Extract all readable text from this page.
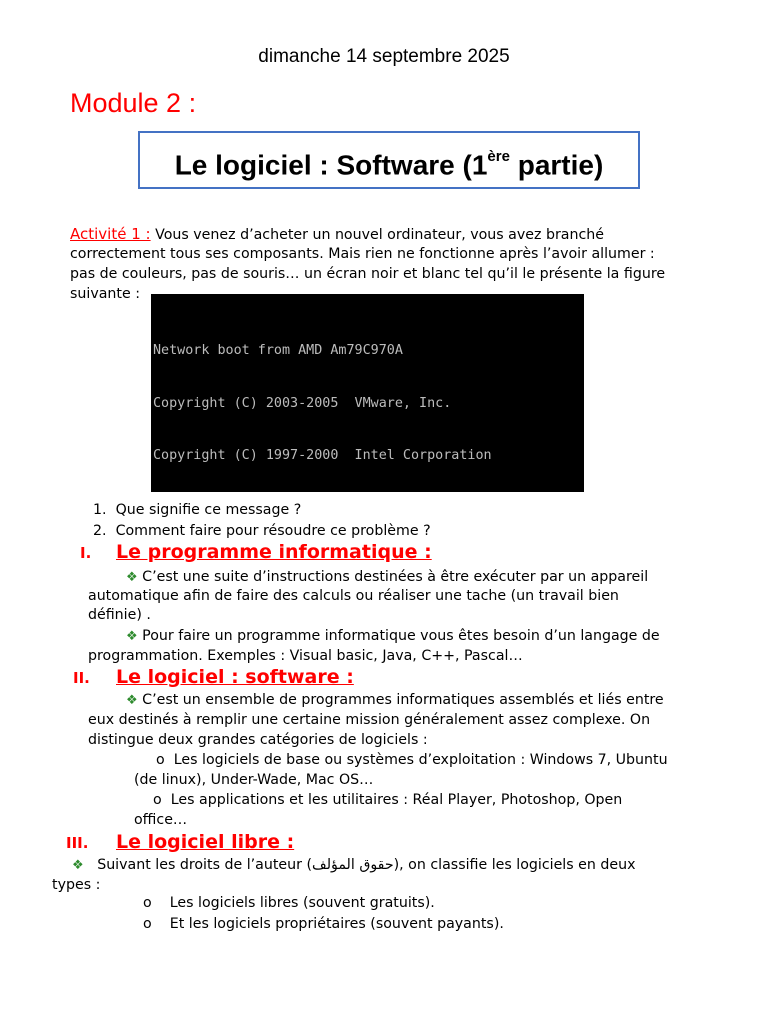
dimanche 14 septembre 2025
Module 2 :
Le logiciel : Software (1ère partie)
Activité 1 : Vous venez d’acheter un nouvel ordinateur, vous avez branché
correctement tous ses composants. Mais rien ne fonctionne après l’avoir allumer :
pas de couleurs, pas de souris… un écran noir et blanc tel qu’il le présente la figure
suivante :

Network boot from AMD Am79C970A

Copyright (C) 2003-2005  VMware, Inc.

Copyright (C) 1997-2000  Intel Corporation

1. Que signifie ce message ?
2. Comment faire pour résoudre ce problème ?
I. Le programme informatique :
❖ C’est une suite d’instructions destinées à être exécuter par un appareil
automatique afin de faire des calculs ou réaliser une tache (un travail bien
définie) .
❖ Pour faire un programme informatique vous êtes besoin d’un langage de
programmation. Exemples : Visual basic, Java, C++, Pascal…
II. Le logiciel : software :
❖ C’est un ensemble de programmes informatiques assemblés et liés entre
eux destinés à remplir une certaine mission généralement assez complexe. On
distingue deux grandes catégories de logiciels :
o Les logiciels de base ou systèmes d’exploitation : Windows 7, Ubuntu
(de linux), Under-Wade, Mac OS…
o Les applications et les utilitaires : Réal Player, Photoshop, Open
office…
III. Le logiciel libre :
❖ Suivant les droits de l’auteur (حقوق المؤلف), on classifie les logiciels en deux
types :
o Les logiciels libres (souvent gratuits).
o Et les logiciels propriétaires (souvent payants).
